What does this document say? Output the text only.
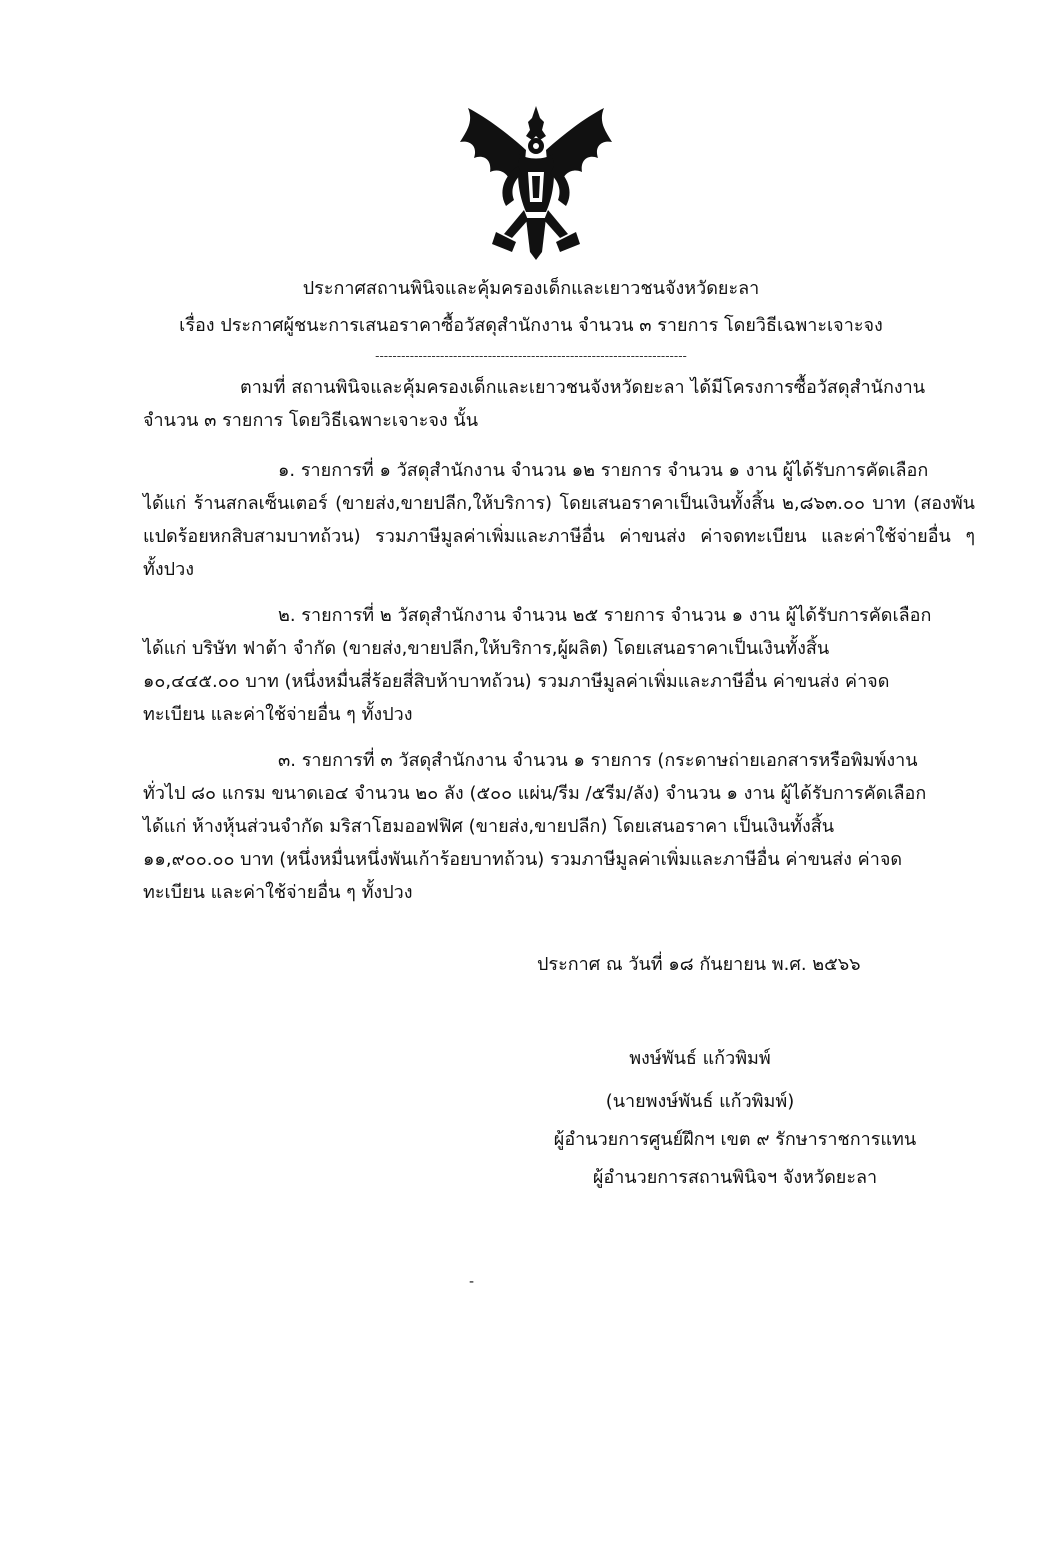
ประกาศสถานพินิจและคุ้มครองเด็กและเยาวชนจังหวัดยะลา
เรื่อง ประกาศผู้ชนะการเสนอราคาซื้อวัสดุสำนักงาน จำนวน ๓ รายการ โดยวิธีเฉพาะเจาะจง
------------------------------------------------------------------------
ตามที่ สถานพินิจและคุ้มครองเด็กและเยาวชนจังหวัดยะลา ได้มีโครงการซื้อวัสดุสำนักงาน
จำนวน ๓ รายการ โดยวิธีเฉพาะเจาะจง นั้น
๑. รายการที่ ๑ วัสดุสำนักงาน จำนวน ๑๒ รายการ จำนวน ๑ งาน ผู้ได้รับการคัดเลือก
ได้แก่ ร้านสกลเซ็นเตอร์ (ขายส่ง,ขายปลีก,ให้บริการ) โดยเสนอราคาเป็นเงินทั้งสิ้น ๒,๘๖๓.๐๐ บาท (สองพัน
แปดร้อยหกสิบสามบาทถ้วน) รวมภาษีมูลค่าเพิ่มและภาษีอื่น ค่าขนส่ง ค่าจดทะเบียน และค่าใช้จ่ายอื่น ๆ
ทั้งปวง
๒. รายการที่ ๒ วัสดุสำนักงาน จำนวน ๒๕ รายการ จำนวน ๑ งาน ผู้ได้รับการคัดเลือก
ได้แก่ บริษัท ฟาต้า จำกัด (ขายส่ง,ขายปลีก,ให้บริการ,ผู้ผลิต) โดยเสนอราคาเป็นเงินทั้งสิ้น
๑๐,๔๔๕.๐๐ บาท (หนึ่งหมื่นสี่ร้อยสี่สิบห้าบาทถ้วน) รวมภาษีมูลค่าเพิ่มและภาษีอื่น ค่าขนส่ง ค่าจด
ทะเบียน และค่าใช้จ่ายอื่น ๆ ทั้งปวง
๓. รายการที่ ๓ วัสดุสำนักงาน จำนวน ๑ รายการ (กระดาษถ่ายเอกสารหรือพิมพ์งาน
ทั่วไป ๘๐ แกรม ขนาดเอ๔ จำนวน ๒๐ ลัง (๕๐๐ แผ่น/รีม /๕รีม/ลัง) จำนวน ๑ งาน ผู้ได้รับการคัดเลือก
ได้แก่ ห้างหุ้นส่วนจำกัด มริสาโฮมออฟฟิศ (ขายส่ง,ขายปลีก) โดยเสนอราคา เป็นเงินทั้งสิ้น
๑๑,๙๐๐.๐๐ บาท (หนึ่งหมื่นหนึ่งพันเก้าร้อยบาทถ้วน) รวมภาษีมูลค่าเพิ่มและภาษีอื่น ค่าขนส่ง ค่าจด
ทะเบียน และค่าใช้จ่ายอื่น ๆ ทั้งปวง
ประกาศ ณ วันที่ ๑๘ กันยายน พ.ศ. ๒๕๖๖
พงษ์พันธ์ แก้วพิมพ์
(นายพงษ์พันธ์ แก้วพิมพ์)
ผู้อำนวยการศูนย์ฝึกฯ เขต ๙ รักษาราชการแทน
ผู้อำนวยการสถานพินิจฯ จังหวัดยะลา
-
